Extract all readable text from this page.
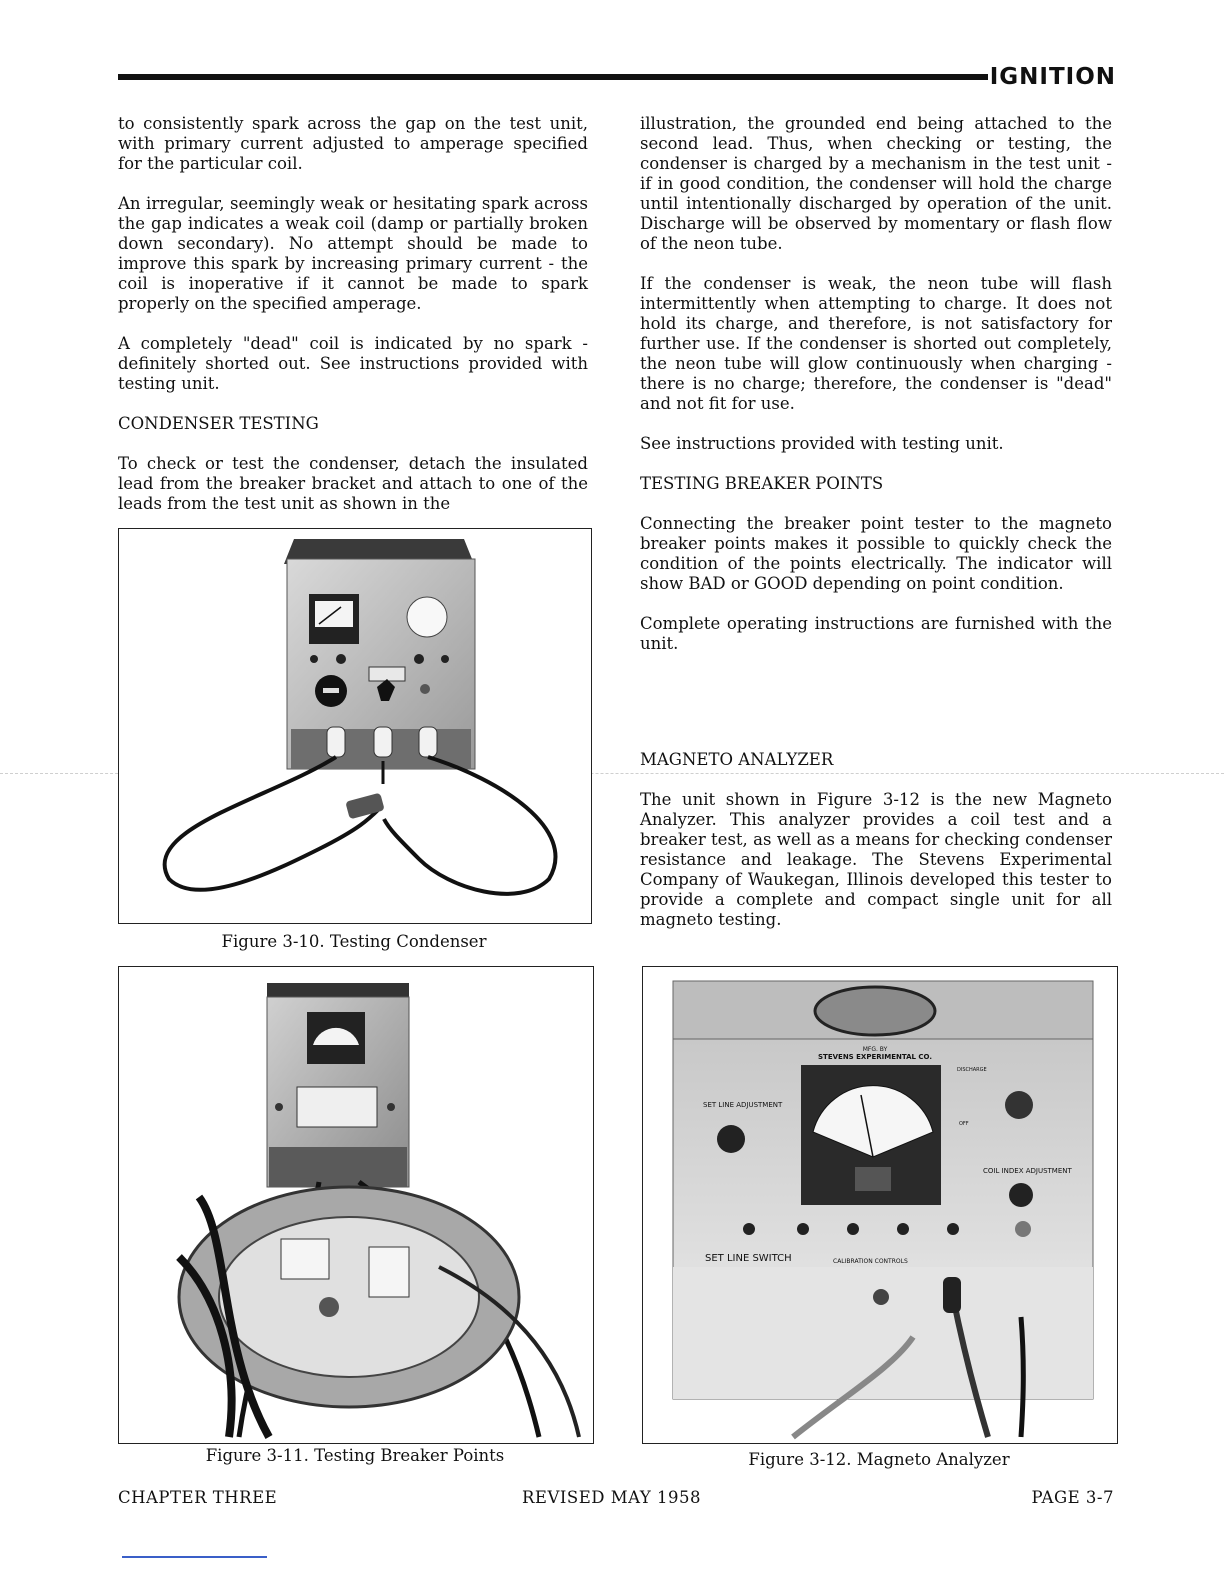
IGNITION

to consistently spark across the gap on the test unit, with primary current adjusted to amperage specified for the particular coil.

An irregular, seemingly weak or hesitating spark across the gap indicates a weak coil (damp or partially broken down secondary). No attempt should be made to improve this spark by increasing primary current - the coil is inoperative if it cannot be made to spark properly on the specified amperage.

A completely "dead" coil is indicated by no spark - definitely shorted out. See instructions provided with testing unit.

CONDENSER TESTING

To check or test the condenser, detach the insulated lead from the breaker bracket and attach to one of the leads from the test unit as shown in the

illustration, the grounded end being attached to the second lead. Thus, when checking or testing, the condenser is charged by a mechanism in the test unit - if in good condition, the condenser will hold the charge until intentionally discharged by operation of the unit. Discharge will be observed by momentary or flash flow of the neon tube.

If the condenser is weak, the neon tube will flash intermittently when attempting to charge. It does not hold its charge, and therefore, is not satisfactory for further use. If the condenser is shorted out completely, the neon tube will glow continuously when charging - there is no charge; therefore, the condenser is "dead" and not fit for use.

See instructions provided with testing unit.

TESTING BREAKER POINTS

Connecting the breaker point tester to the magneto breaker points makes it possible to quickly check the condition of the points electrically. The indicator will show BAD or GOOD depending on point condition.

Complete operating instructions are furnished with the unit.

MAGNETO ANALYZER
The unit shown in Figure 3-12 is the new Magneto Analyzer. This analyzer provides a coil test and a breaker test, as well as a means for checking condenser resistance and leakage. The Stevens Experimental Company of Waukegan, Illinois developed this tester to provide a complete and compact single unit for all magneto testing.
Figure 3-10. Testing Condenser
Figure 3-11. Testing Breaker Points
MFG. BY
STEVENS EXPERIMENTAL CO.
SET LINE ADJUSTMENT
COIL INDEX ADJUSTMENT
DISCHARGE
OFF
SET LINE SWITCH	CALIBRATION CONTROLS
Figure 3-12. Magneto Analyzer
CHAPTER THREE	REVISED MAY 1958	PAGE 3-7
